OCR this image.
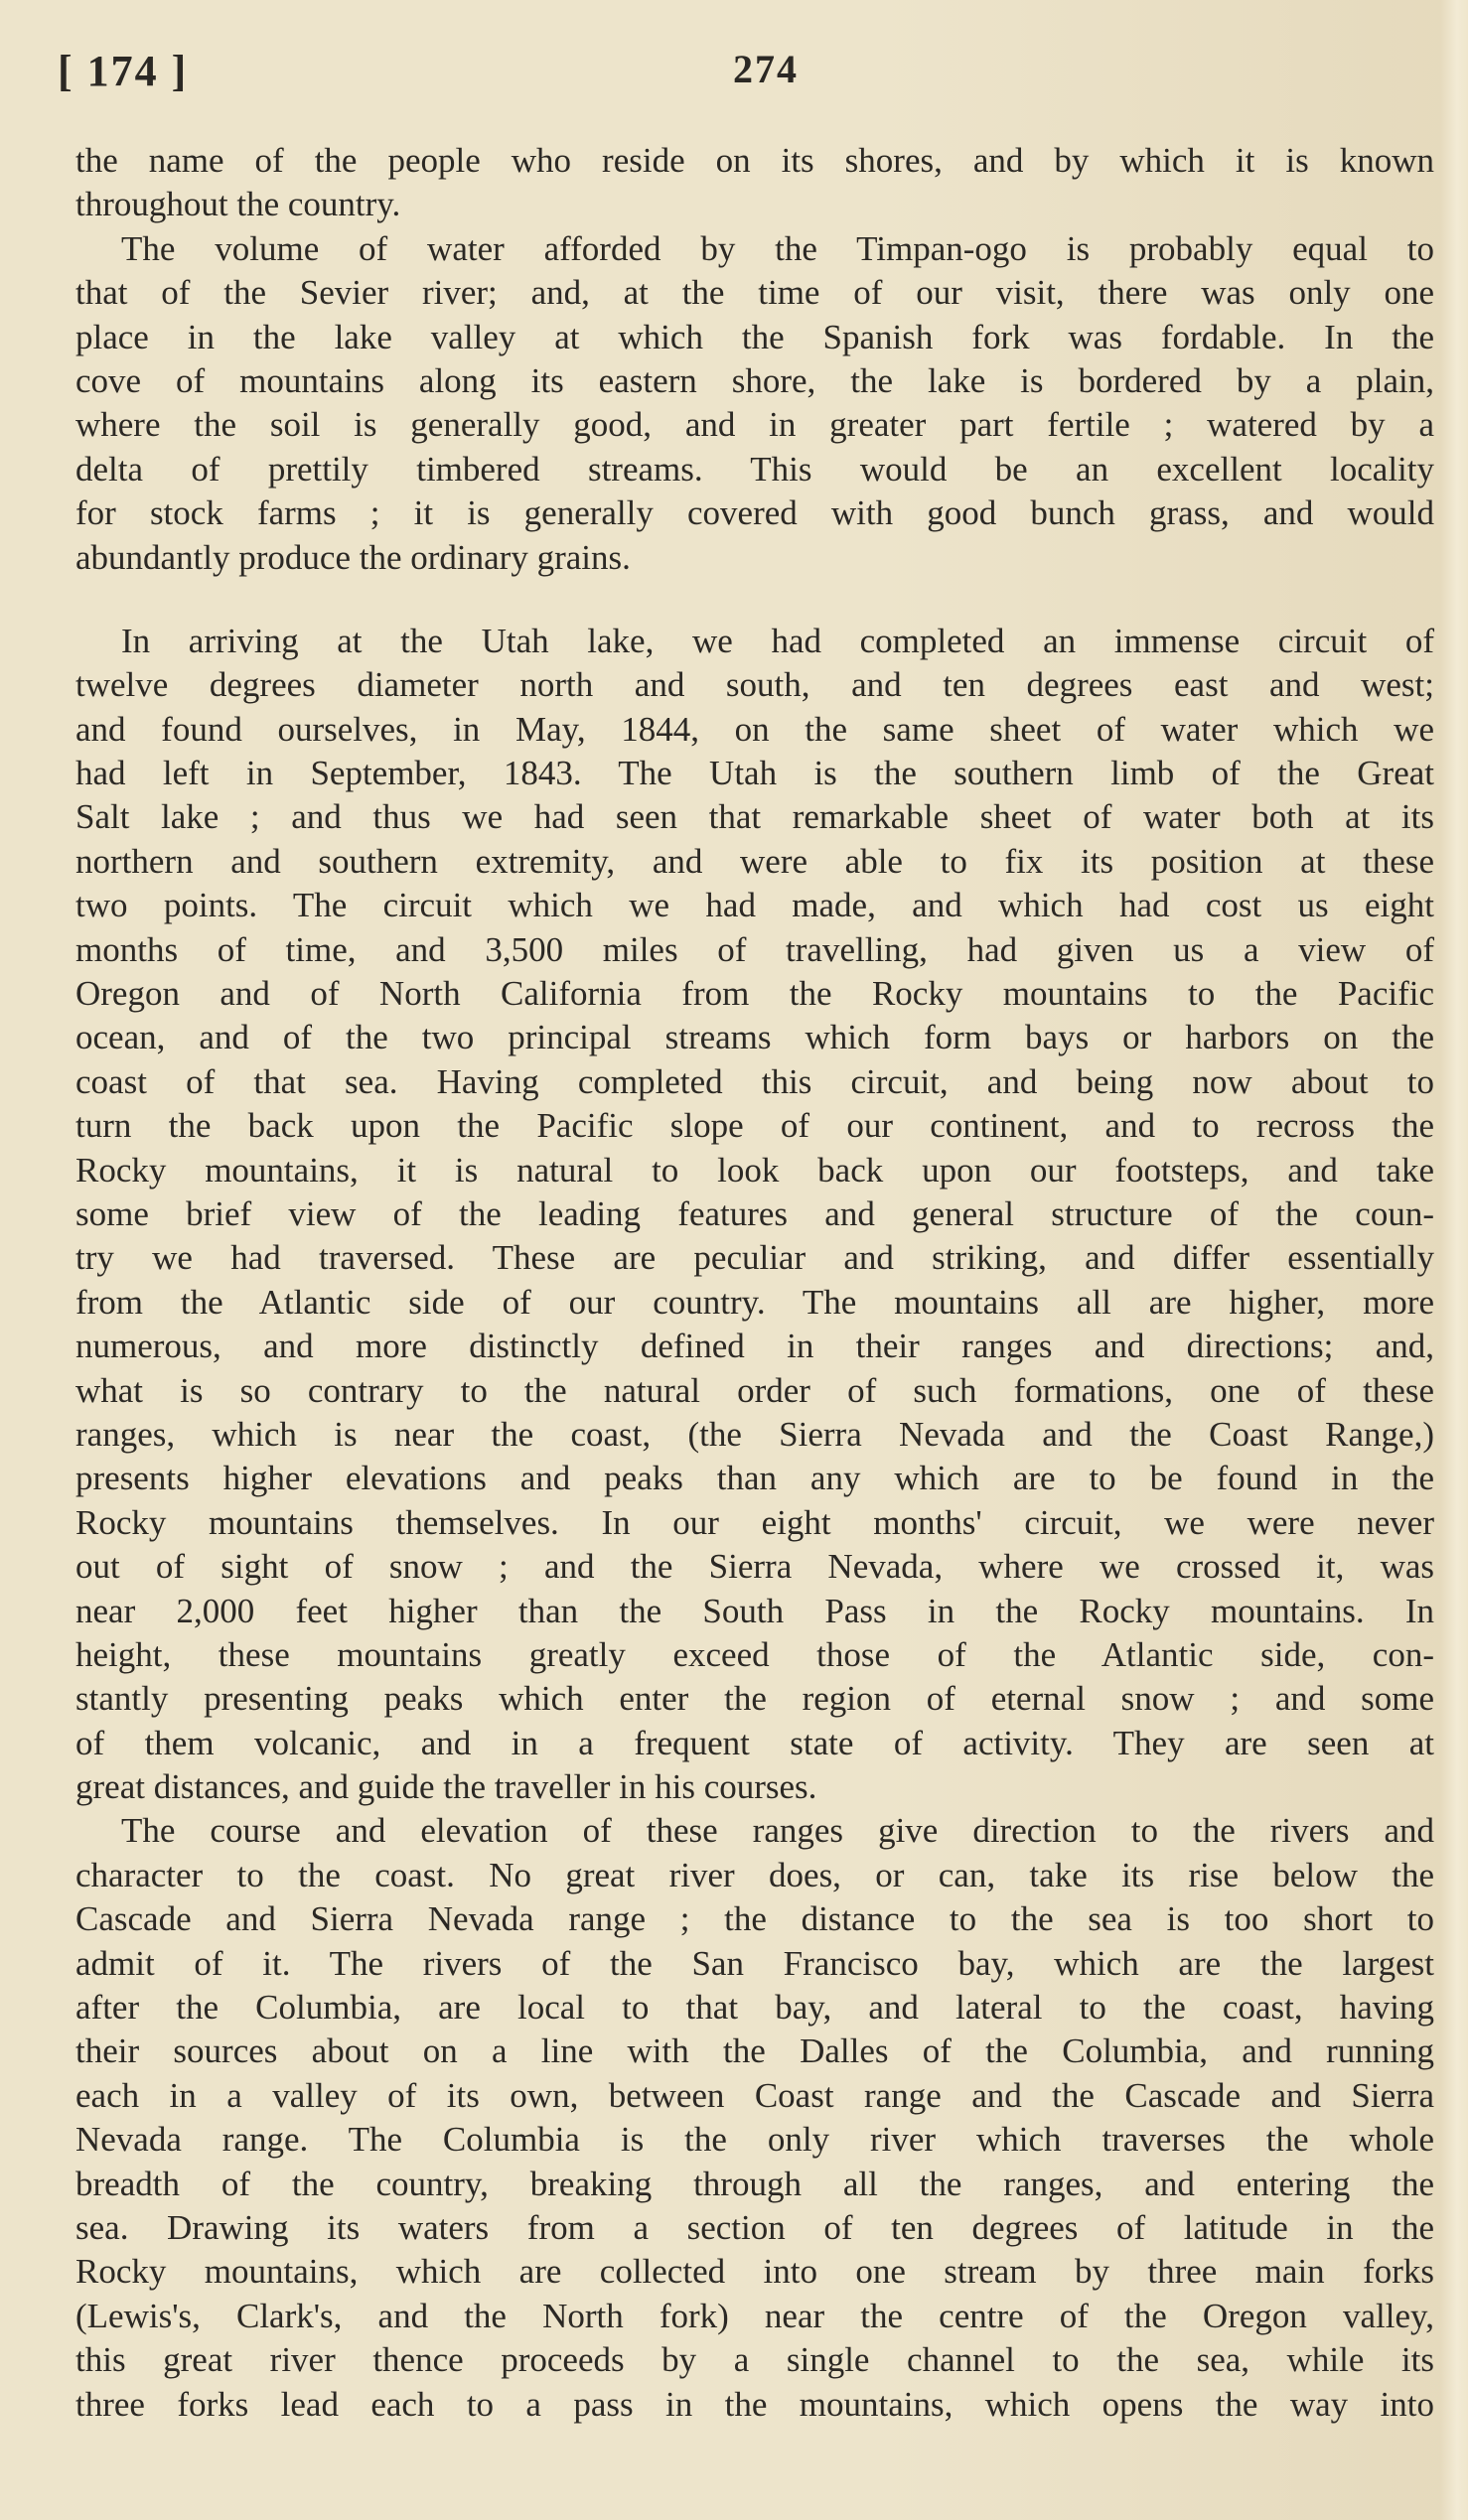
[ 174 ]	274
the name of the people who reside on its shores, and by which it is known
throughout the country.
The volume of water afforded by the Timpan-ogo is probably equal to
that of the Sevier river; and, at the time of our visit, there was only one
place in the lake valley at which the Spanish fork was fordable. In the
cove of mountains along its eastern shore, the lake is bordered by a plain,
where the soil is generally good, and in greater part fertile ; watered by a
delta of prettily timbered streams. This would be an excellent locality
for stock farms ; it is generally covered with good bunch grass, and would
abundantly produce the ordinary grains.
In arriving at the Utah lake, we had completed an immense circuit of
twelve degrees diameter north and south, and ten degrees east and west;
and found ourselves, in May, 1844, on the same sheet of water which we
had left in September, 1843. The Utah is the southern limb of the Great
Salt lake ; and thus we had seen that remarkable sheet of water both at its
northern and southern extremity, and were able to fix its position at these
two points. The circuit which we had made, and which had cost us eight
months of time, and 3,500 miles of travelling, had given us a view of
Oregon and of North California from the Rocky mountains to the Pacific
ocean, and of the two principal streams which form bays or harbors on the
coast of that sea. Having completed this circuit, and being now about to
turn the back upon the Pacific slope of our continent, and to recross the
Rocky mountains, it is natural to look back upon our footsteps, and take
some brief view of the leading features and general structure of the coun-
try we had traversed. These are peculiar and striking, and differ essentially
from the Atlantic side of our country. The mountains all are higher, more
numerous, and more distinctly defined in their ranges and directions; and,
what is so contrary to the natural order of such formations, one of these
ranges, which is near the coast, (the Sierra Nevada and the Coast Range,)
presents higher elevations and peaks than any which are to be found in the
Rocky mountains themselves. In our eight months' circuit, we were never
out of sight of snow ; and the Sierra Nevada, where we crossed it, was
near 2,000 feet higher than the South Pass in the Rocky mountains. In
height, these mountains greatly exceed those of the Atlantic side, con-
stantly presenting peaks which enter the region of eternal snow ; and some
of them volcanic, and in a frequent state of activity. They are seen at
great distances, and guide the traveller in his courses.
The course and elevation of these ranges give direction to the rivers and
character to the coast. No great river does, or can, take its rise below the
Cascade and Sierra Nevada range ; the distance to the sea is too short to
admit of it. The rivers of the San Francisco bay, which are the largest
after the Columbia, are local to that bay, and lateral to the coast, having
their sources about on a line with the Dalles of the Columbia, and running
each in a valley of its own, between Coast range and the Cascade and Sierra
Nevada range. The Columbia is the only river which traverses the whole
breadth of the country, breaking through all the ranges, and entering the
sea. Drawing its waters from a section of ten degrees of latitude in the
Rocky mountains, which are collected into one stream by three main forks
(Lewis's, Clark's, and the North fork) near the centre of the Oregon valley,
this great river thence proceeds by a single channel to the sea, while its
three forks lead each to a pass in the mountains, which opens the way into
